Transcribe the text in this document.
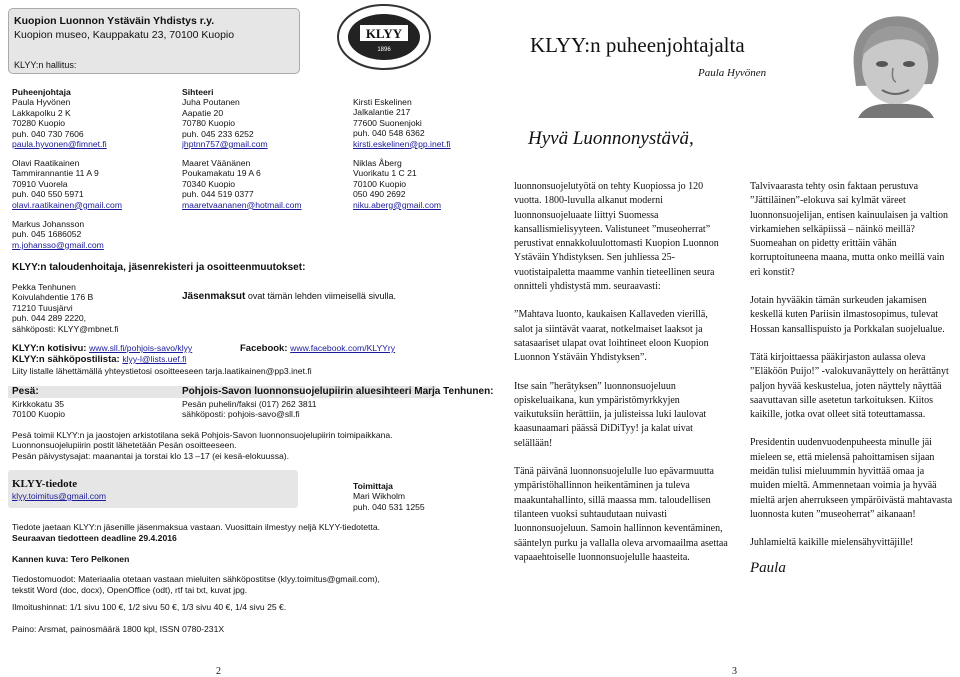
Kuopion Luonnon Ystäväin Yhdistys r.y.
Kuopion museo, Kauppakatu 23, 70100 Kuopio
KLYY:n hallitus:
KLYY
1896
Puheenjohtaja
Paula Hyvönen
Lakkapolku 2 K
70280 Kuopio
puh. 040 730 7606
paula.hyvonen@fimnet.fi
Sihteeri
Juha Poutanen
Aapatie 20
70780 Kuopio
puh. 045 233 6252
jhptnn757@gmail.com
Kirsti Eskelinen
Jalkalantie 217
77600 Suonenjoki
puh. 040 548 6362
kirsti.eskelinen@pp.inet.fi
Olavi Raatikainen
Tammirannantie 11 A 9
70910 Vuorela
puh. 040 550 5971
olavi.raatikainen@gmail.com
Maaret Väänänen
Poukamakatu 19 A 6
70340 Kuopio
puh. 044 519 0377
maaretvaananen@hotmail.com
Niklas Åberg
Vuorikatu 1 C 21
70100 Kuopio
050 490 2692
niku.aberg@gmail.com
Markus Johansson
puh. 045 1686052
m.johansso@gmail.com
KLYY:n taloudenhoitaja, jäsenrekisteri ja osoitteenmuutokset:
Pekka Tenhunen
Koivulahdentie 176 B
71210 Tuusjärvi
puh. 044 289 2220,
sähköposti: KLYY@mbnet.fi
Jäsenmaksut ovat tämän lehden viimeisellä sivulla.
KLYY:n kotisivu: www.sll.fi/pohjois-savo/klyy	Facebook: www.facebook.com/KLYYry
KLYY:n sähköpostilista: klyy-l@lists.uef.fi
Liity listalle lähettämällä yhteystietosi osoitteeseen tarja.laatikainen@pp3.inet.fi
Pesä:	Pohjois-Savon luonnonsuojelupiirin aluesihteeri Marja Tenhunen:
Kirkkokatu 35
70100 Kuopio
Pesän puhelin/faksi (017) 262 3811
sähköposti: pohjois-savo@sll.fi
Pesä toimii KLYY:n ja jaostojen arkistotilana sekä Pohjois-Savon luonnonsuojelupiirin toimipaikkana.
Luonnonsuojelupiirin postit lähetetään Pesän osoitteeseen.
Pesän päivystysajat: maanantai ja torstai klo 13 –17 (ei kesä-elokuussa).
KLYY-tiedote
klyy.toimitus@gmail.com
Toimittaja
Mari Wikholm
puh. 040 531 1255
Tiedote jaetaan KLYY:n jäsenille jäsenmaksua vastaan. Vuosittain ilmestyy neljä KLYY-tiedotetta.
Seuraavan tiedotteen deadline 29.4.2016
Kannen kuva: Tero Pelkonen
Tiedostomuodot: Materiaalia otetaan vastaan mieluiten sähköpostitse (klyy.toimitus@gmail.com),
tekstit Word (doc, docx), OpenOffice (odt), rtf tai txt, kuvat jpg.
Ilmoitushinnat: 1/1 sivu 100 €, 1/2 sivu 50 €, 1/3 sivu 40 €, 1/4 sivu 25 €.
Paino: Arsmat, painosmäärä 1800 kpl, ISSN 0780-231X
2
KLYY:n puheenjohtajalta
Paula Hyvönen
Hyvä Luonnonystävä,

luonnonsuojelutyötä on tehty Kuopiossa jo 120 vuotta. 1800-luvulla alkanut moderni luonnonsuojeluaate liittyi Suomessa kansallismielisyyteen. Valistuneet ”museoherrat” perustivat ennakkoluulottomasti Kuopion Luonnon Ystäväin Yhdistyksen. Sen juhliessa 25-vuotistaipaletta maamme vanhin tieteellinen seura onnitteli yhdistystä mm. seuraavasti:

”Mahtava luonto, kaukaisen Kallaveden vierillä, salot ja siintävät vaarat, notkelmaiset laaksot ja satasaariset ulapat ovat loihtineet eloon Kuopion Luonnon Ystäväin Yhdistyksen”.

Itse sain ”herätyksen” luonnonsuojeluun opiskeluaikana, kun ympäristömyrkkyjen vaikutuksiin herättiin, ja julisteissa luki laulovat kaasunaamari päässä DiDiTyy! ja kalat uivat selällään!

Tänä päivänä luonnonsuojelulle luo epävarmuutta ympäristöhallinnon heikentäminen ja tuleva maakuntahallinto, sillä maassa mm. taloudellisen tilanteen vuoksi suhtaudutaan nuivasti luonnonsuojeluun. Samoin hallinnon keventäminen, sääntelyn purku ja vallalla oleva arvomaailma asettaa vapaaehtoiselle luonnonsuojelulle haasteita.

Talvivaarasta tehty osin faktaan perustuva ”Jättiläinen”-elokuva sai kylmät väreet luonnonsuojelijan, entisen kainuulaisen ja valtion virkamiehen selkäpiissä – näinkö meillä? Suomeahan on pidetty erittäin vähän korruptoituneena maana, mutta onko meillä vain eri konstit?

Jotain hyvääkin tämän surkeuden jakamisen keskellä kuten Pariisin ilmastosopimus, tulevat Hossan kansallispuisto ja Porkkalan suojelualue.

Tätä kirjoittaessa pääkirjaston aulassa oleva ”Eläköön Puijo!” -valokuvanäyttely on herättänyt paljon hyvää keskustelua, joten näyttely näyttää saavuttavan sille asetetun tarkoituksen. Kiitos kaikille, jotka ovat olleet sitä toteuttamassa.

Presidentin uudenvuodenpuheesta minulle jäi mieleen se, että mielensä pahoittamisen sijaan meidän tulisi mieluummin hyvittää omaa ja muiden mieltä. Ammennetaan voimia ja hyvää mieltä arjen aherrukseen ympäröivästä mahtavasta luonnosta kuten ”museoherrat” aikanaan!

Juhlamieltä kaikille mielensähyvittäjille!

Paula
3
